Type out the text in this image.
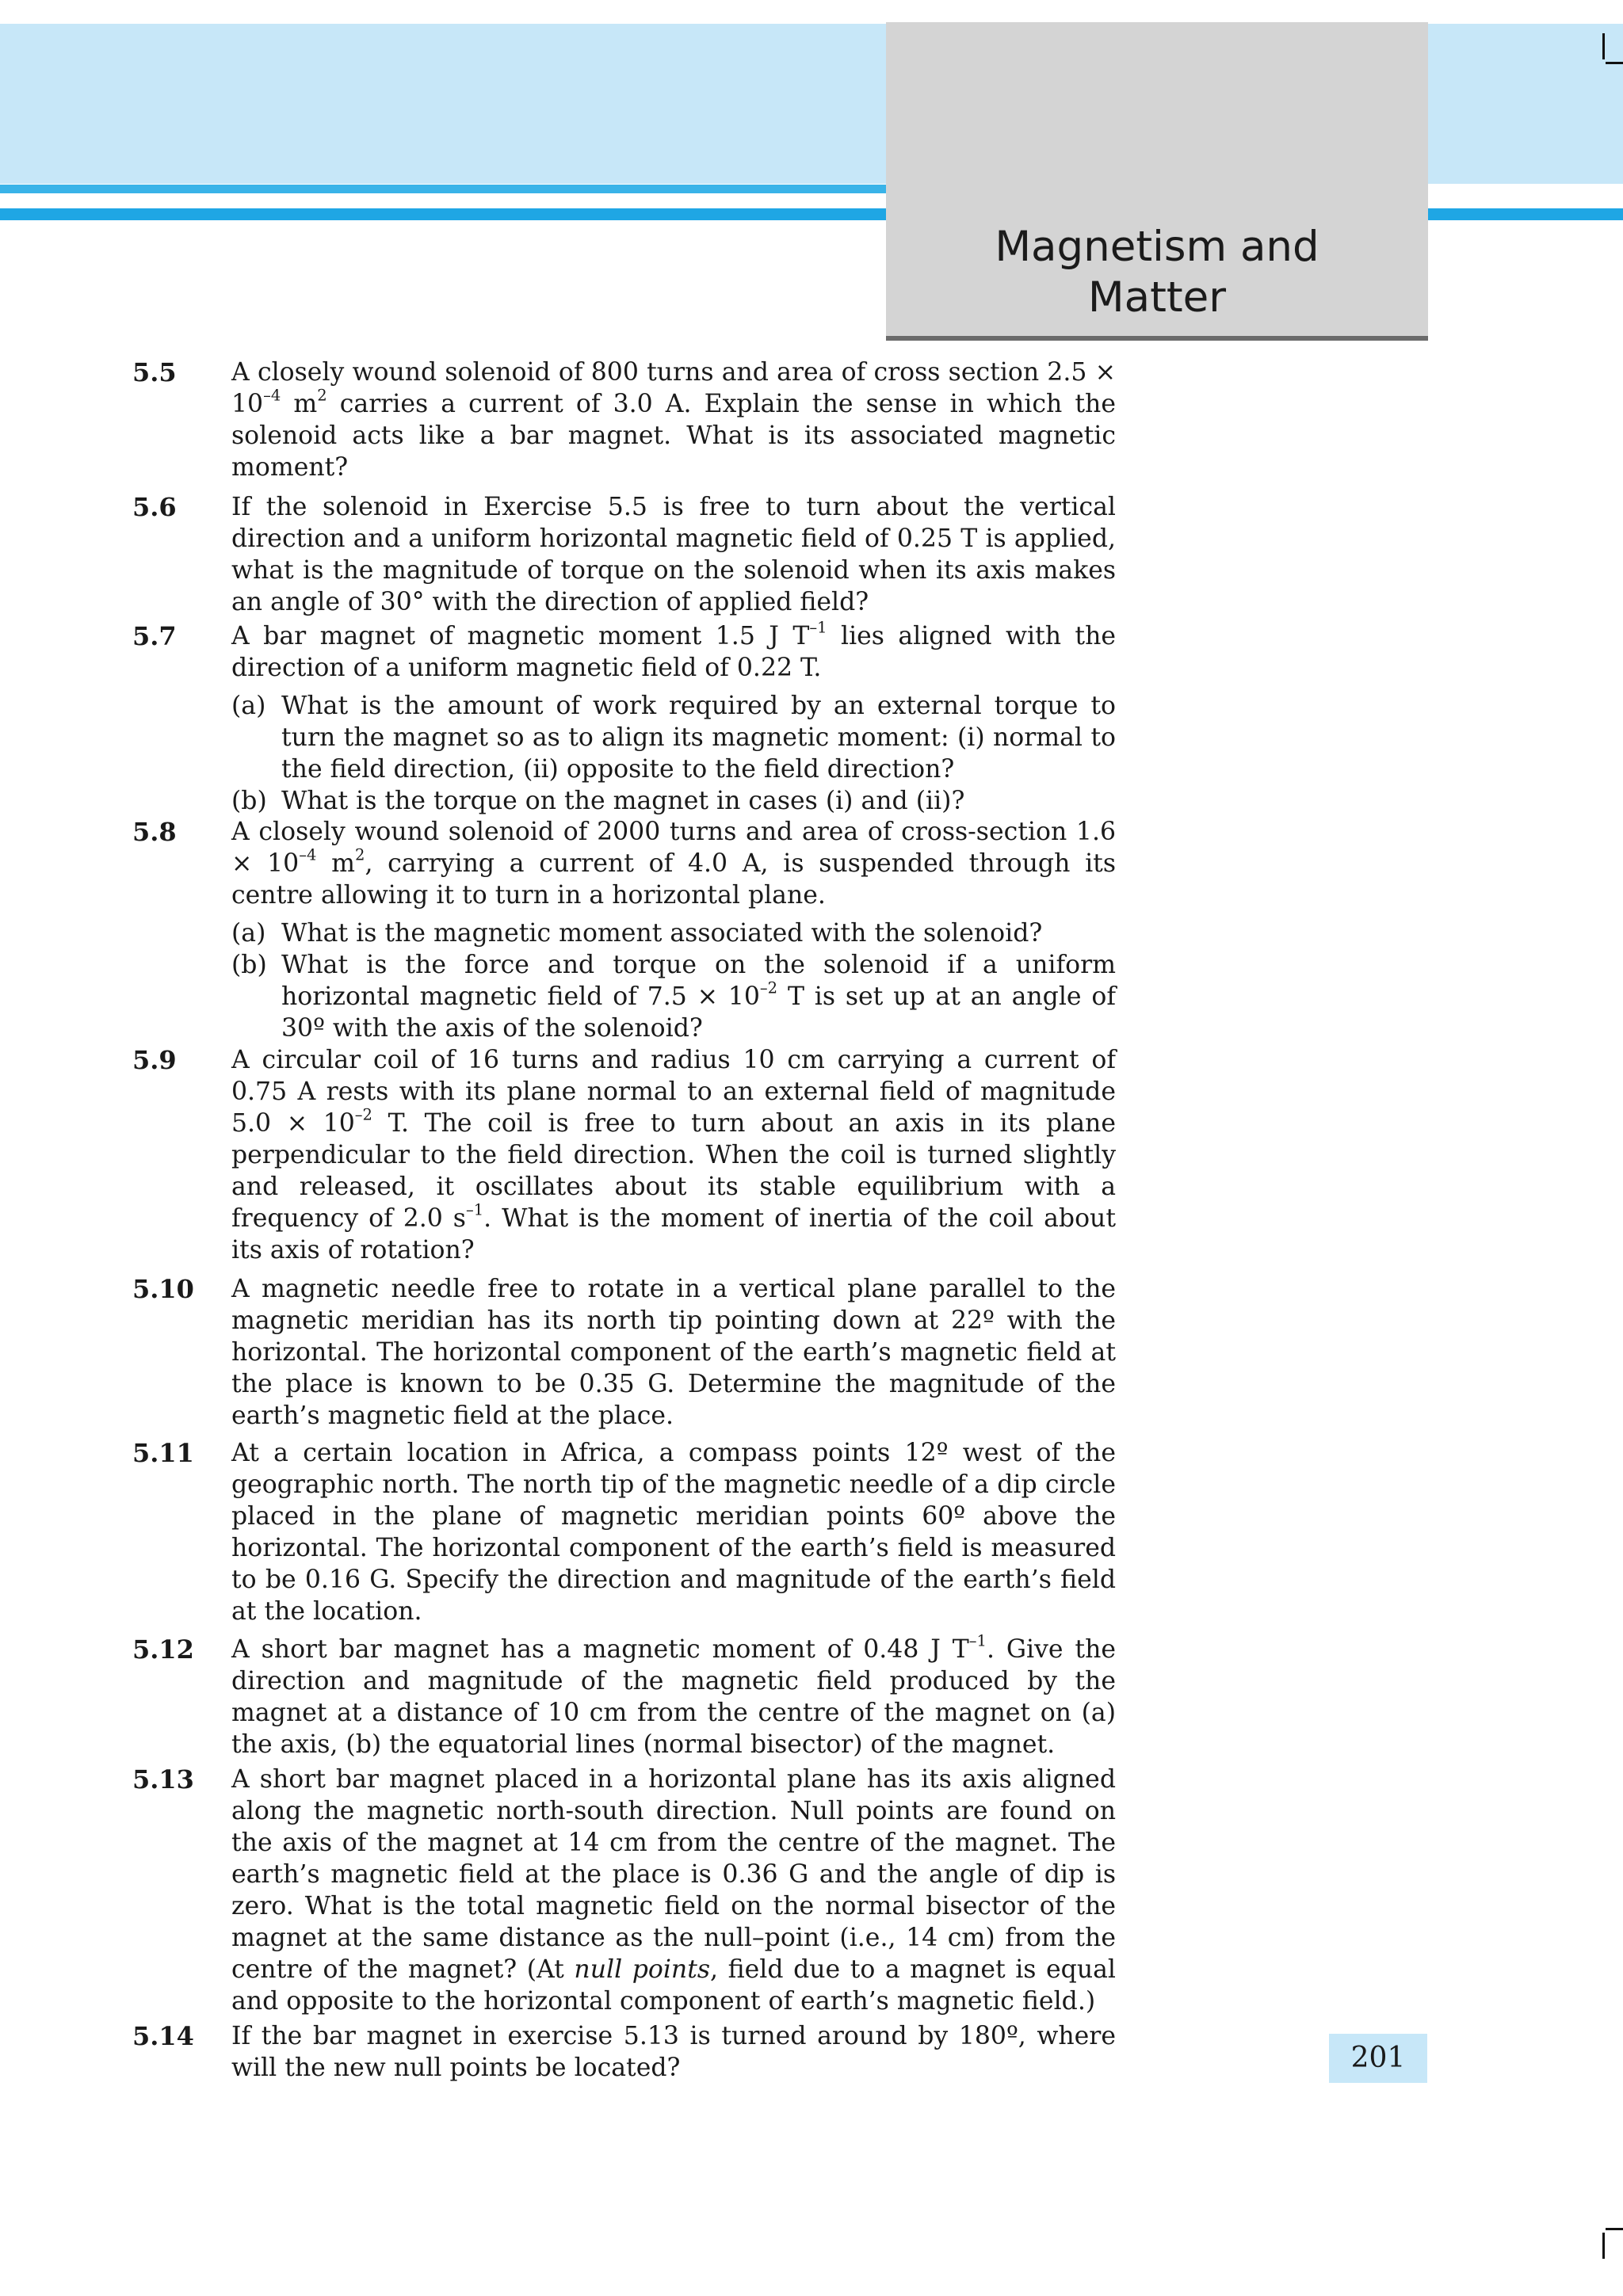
Magnetism and
Matter
5.5 A closely wound solenoid of 800 turns and area of cross section $2.5 \times 10^{-4}$ $m^2$ carries a current of 3.0 A. Explain the sense in which the solenoid acts like a bar magnet. What is its associated magnetic moment?

5.6 If the solenoid in Exercise 5.5 is free to turn about the vertical direction and a uniform horizontal magnetic field of 0.25 T is applied, what is the magnitude of torque on the solenoid when its axis makes an angle of 30° with the direction of applied field?

5.7 A bar magnet of magnetic moment 1.5 J $T^{-1}$ lies aligned with the direction of a uniform magnetic field of 0.22 T.

(a) What is the amount of work required by an external torque to turn the magnet so as to align its magnetic moment: (i) normal to the field direction, (ii) opposite to the field direction?
(b) What is the torque on the magnet in cases (i) and (ii)?
5.8 A closely wound solenoid of 2000 turns and area of cross-section $1.6 \times 10^{-4}$ $m^2$, carrying a current of 4.0 A, is suspended through its centre allowing it to turn in a horizontal plane.

(a) What is the magnetic moment associated with the solenoid?
(b) What is the force and torque on the solenoid if a uniform horizontal magnetic field of $7.5 \times 10^{-2}$ T is set up at an angle of 30º with the axis of the solenoid?
5.9 A circular coil of 16 turns and radius 10 cm carrying a current of 0.75 A rests with its plane normal to an external field of magnitude $5.0 \times 10^{-2}$ T. The coil is free to turn about an axis in its plane perpendicular to the field direction. When the coil is turned slightly and released, it oscillates about its stable equilibrium with a frequency of 2.0 $s^{-1}$. What is the moment of inertia of the coil about its axis of rotation?

5.10 A magnetic needle free to rotate in a vertical plane parallel to the magnetic meridian has its north tip pointing down at 22º with the horizontal. The horizontal component of the earth’s magnetic field at the place is known to be 0.35 G. Determine the magnitude of the earth’s magnetic field at the place.

5.11 At a certain location in Africa, a compass points 12º west of the geographic north. The north tip of the magnetic needle of a dip circle placed in the plane of magnetic meridian points 60º above the horizontal. The horizontal component of the earth’s field is measured to be 0.16 G. Specify the direction and magnitude of the earth’s field at the location.

5.12 A short bar magnet has a magnetic moment of 0.48 J $T^{-1}$. Give the direction and magnitude of the magnetic field produced by the magnet at a distance of 10 cm from the centre of the magnet on (a) the axis, (b) the equatorial lines (normal bisector) of the magnet.

5.13 A short bar magnet placed in a horizontal plane has its axis aligned along the magnetic north-south direction. Null points are found on the axis of the magnet at 14 cm from the centre of the magnet. The earth’s magnetic field at the place is 0.36 G and the angle of dip is zero. What is the total magnetic field on the normal bisector of the magnet at the same distance as the null–point (i.e., 14 cm) from the centre of the magnet? (At null points, field due to a magnet is equal and opposite to the horizontal component of earth’s magnetic field.)

5.14 If the bar magnet in exercise 5.13 is turned around by 180º, where will the new null points be located?	201
